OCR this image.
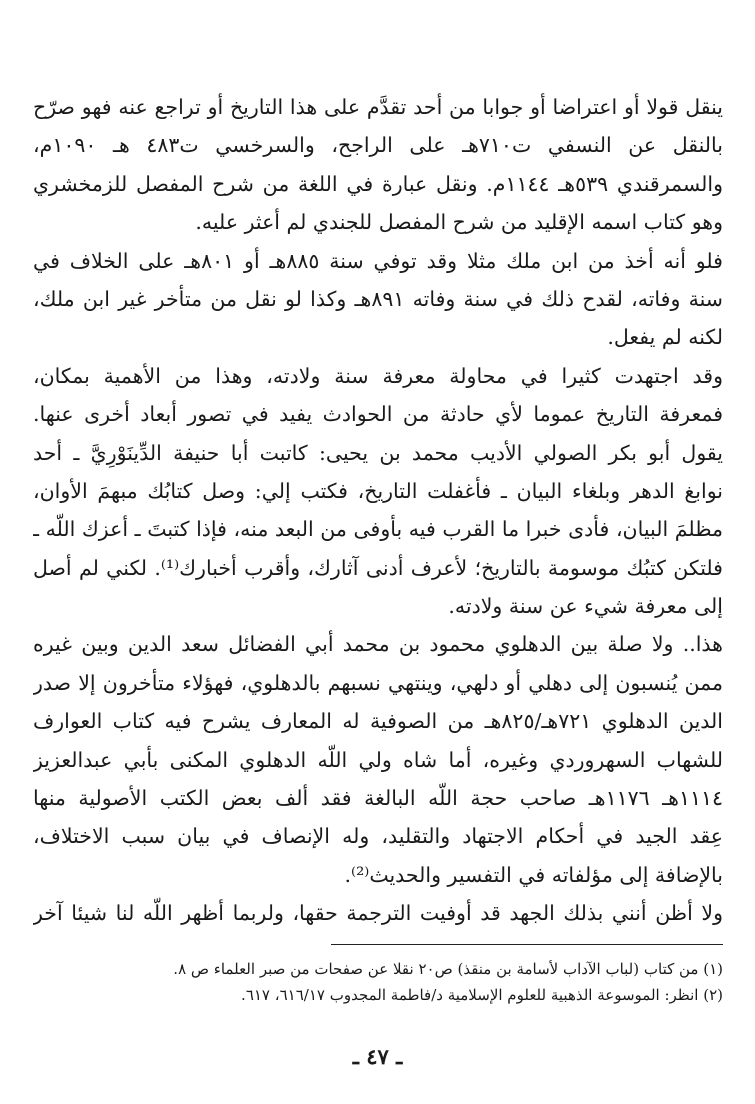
ينقل قولا أو اعتراضا أو جوابا من أحد تقدَّم على هذا التاريخ أو تراجع عنه فهو صرّح
بالنقل عن النسفي ت٧١٠هـ على الراجح، والسرخسي ت٤٨٣ هـ ١٠٩٠م،
والسمرقندي ٥٣٩هـ ١١٤٤م. ونقل عبارة في اللغة من شرح المفصل للزمخشري
وهو كتاب اسمه الإقليد من شرح المفصل للجندي لم أعثر عليه.
فلو أنه أخذ من ابن ملك مثلا وقد توفي سنة ٨٨٥هـ أو ٨٠١هـ على الخلاف في
سنة وفاته، لقدح ذلك في سنة وفاته ٨٩١هـ وكذا لو نقل من متأخر غير ابن ملك،
لكنه لم يفعل.
وقد اجتهدت كثيرا في محاولة معرفة سنة ولادته، وهذا من الأهمية بمكان،
فمعرفة التاريخ عموما لأي حادثة من الحوادث يفيد في تصور أبعاد أخرى عنها.
يقول أبو بكر الصولي الأديب محمد بن يحيى: كاتبت أبا حنيفة الدِّينَوْرِيَّ ـ أحد
نوابغ الدهر وبلغاء البيان ـ فأغفلت التاريخ، فكتب إلي: وصل كتابُك مبهمَ الأوان،
مظلمَ البيان، فأدى خبرا ما القرب فيه بأوفى من البعد منه، فإذا كتبتَ ـ أعزك اللّه ـ
فلتكن كتبُك موسومة بالتاريخ؛ لأعرف أدنى آثارك، وأقرب أخبارك⁽¹⁾. لكني لم أصل
إلى معرفة شيء عن سنة ولادته.
هذا.. ولا صلة بين الدهلوي محمود بن محمد أبي الفضائل سعد الدين وبين غيره
ممن يُنسبون إلى دهلي أو دلهي، وينتهي نسبهم بالدهلوي، فهؤلاء متأخرون إلا صدر
الدين الدهلوي ٧٢١هـ/٨٢٥هـ من الصوفية له المعارف يشرح فيه كتاب العوارف
للشهاب السهروردي وغيره، أما شاه ولي اللّه الدهلوي المكنى بأبي عبدالعزيز
١١١٤هـ ١١٧٦هـ صاحب حجة اللّه البالغة فقد ألف بعض الكتب الأصولية منها
عِقد الجيد في أحكام الاجتهاد والتقليد، وله الإنصاف في بيان سبب الاختلاف،
بالإضافة إلى مؤلفاته في التفسير والحديث⁽²⁾.
ولا أظن أنني بذلك الجهد قد أوفيت الترجمة حقها، ولربما أظهر اللّه لنا شيئا آخر
(١) من كتاب (لباب الآداب لأسامة بن منقذ) ص٢٠ نقلا عن صفحات من صبر العلماء ص ٨.
(٢) انظر: الموسوعة الذهبية للعلوم الإسلامية د/فاطمة المجدوب ٦١٦/١٧، ٦١٧.
ـ ٤٧ ـ
